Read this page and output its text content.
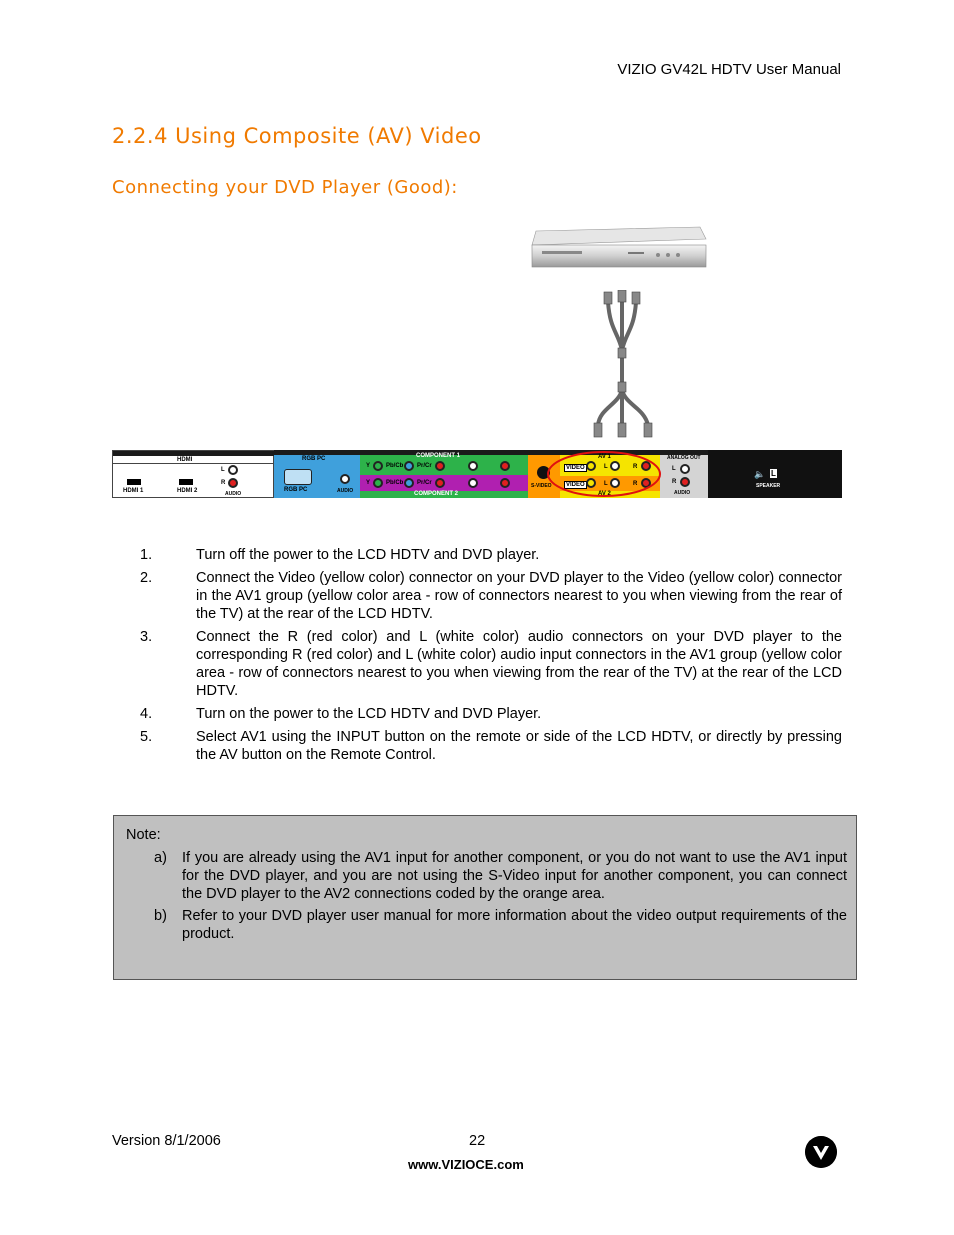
VIZIO GV42L HDTV User Manual
2.2.4 Using Composite (AV) Video
Connecting your DVD Player (Good):
HDMI
HDMI 1	HDMI 2
L
R
AUDIO
RGB PC
RGB PC	AUDIO
COMPONENT 1
Y	Pb/Cb Pr/Cr
Y	Pb/Cb Pr/Cr
COMPONENT 2
S-VIDEO
AV 1
VIDEO	L	R
VIDEO	L	R
AV 2
ANALOG OUT
L
R
AUDIO
🔈 L
SPEAKER
1.	Turn off the power to the LCD HDTV and DVD player.
2.	Connect the Video (yellow color) connector on your DVD player to the Video (yellow color) connector in the AV1 group (yellow color area - row of connectors nearest to you when viewing from the rear of the TV) at the rear of the LCD HDTV.
3.	Connect the R (red color) and L (white color) audio connectors on your DVD player to the corresponding R (red color) and L (white color) audio input connectors in the AV1 group (yellow color area - row of connectors nearest to you when viewing from the rear of the TV) at the rear of the LCD HDTV.
4.	Turn on the power to the LCD HDTV and DVD Player.
5.	Select AV1 using the INPUT button on the remote or side of the LCD HDTV, or directly by pressing the AV button on the Remote Control.
Note:
a) If you are already using the AV1 input for another component, or you do not want to use the AV1 input for the DVD player, and you are not using the S-Video input for another component, you can connect the DVD player to the AV2 connections coded by the orange area.
b) Refer to your DVD player user manual for more information about the video output requirements of the product.
Version 8/1/2006	22
www.VIZIOCE.com
